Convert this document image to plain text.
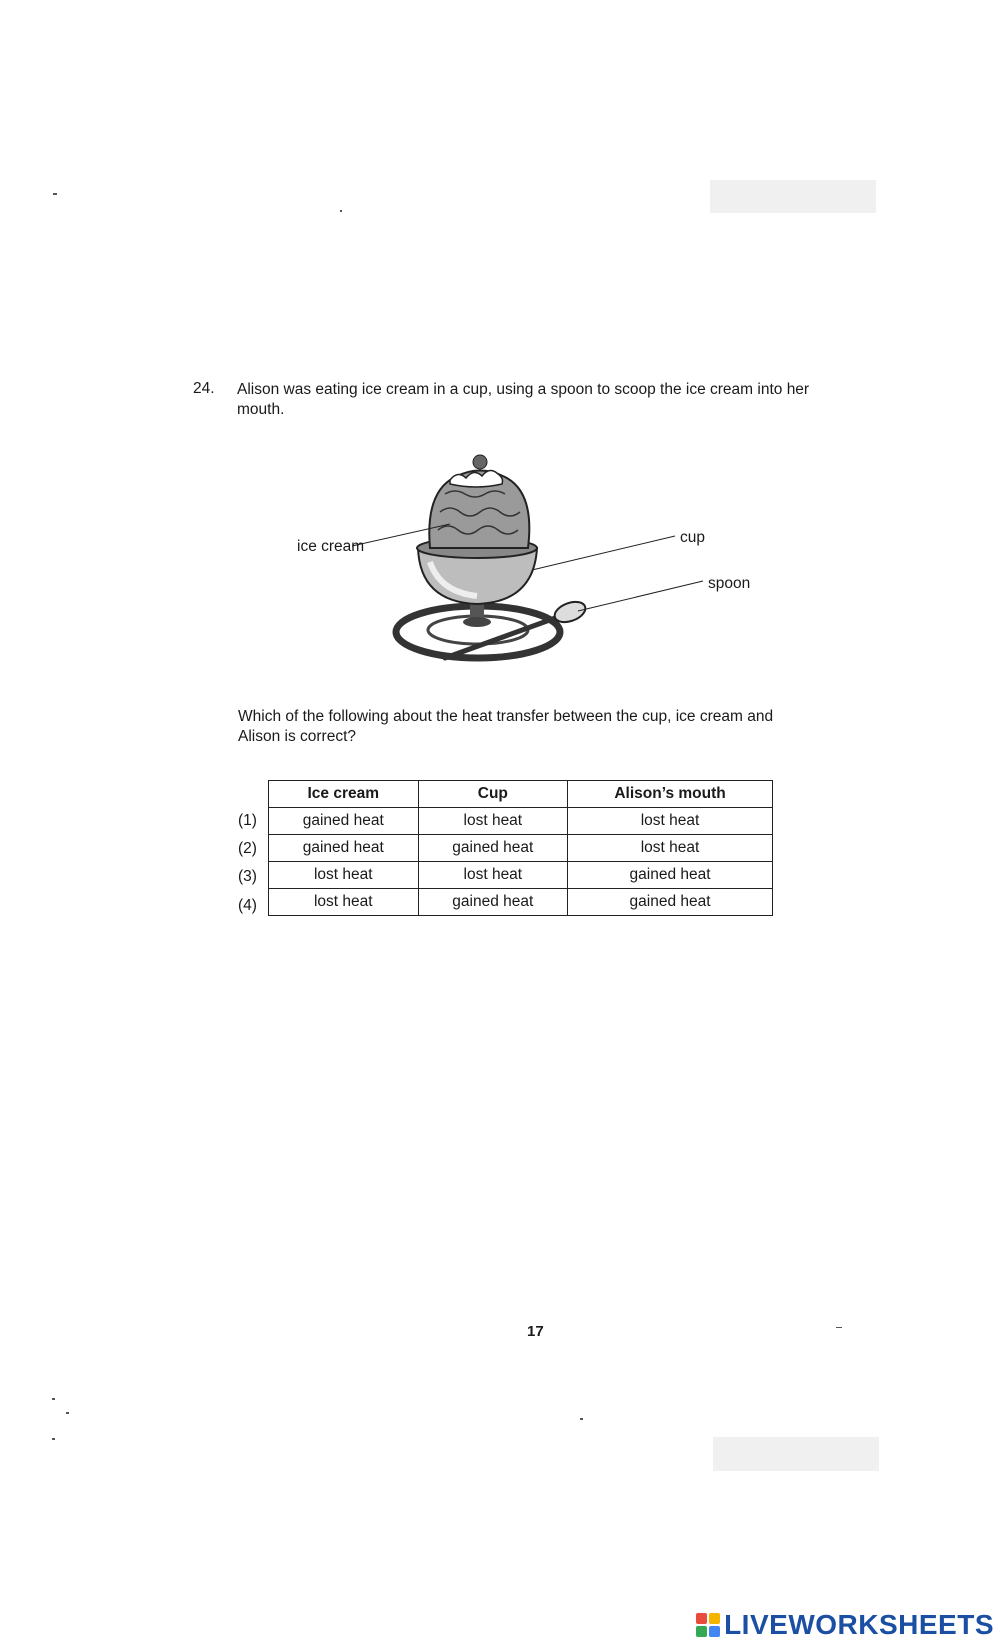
24. Alison was eating ice cream in a cup, using a spoon to scoop the ice cream into her mouth.
ice cream
cup
spoon
Which of the following about the heat transfer between the cup, ice cream and Alison is correct?
Ice cream	Cup	Alison’s mouth
gained heat	lost heat	lost heat
gained heat	gained heat	lost heat
lost heat	lost heat	gained heat
lost heat	gained heat	gained heat
(1)
(2)
(3)
(4)
17
LIVEWORKSHEETS
